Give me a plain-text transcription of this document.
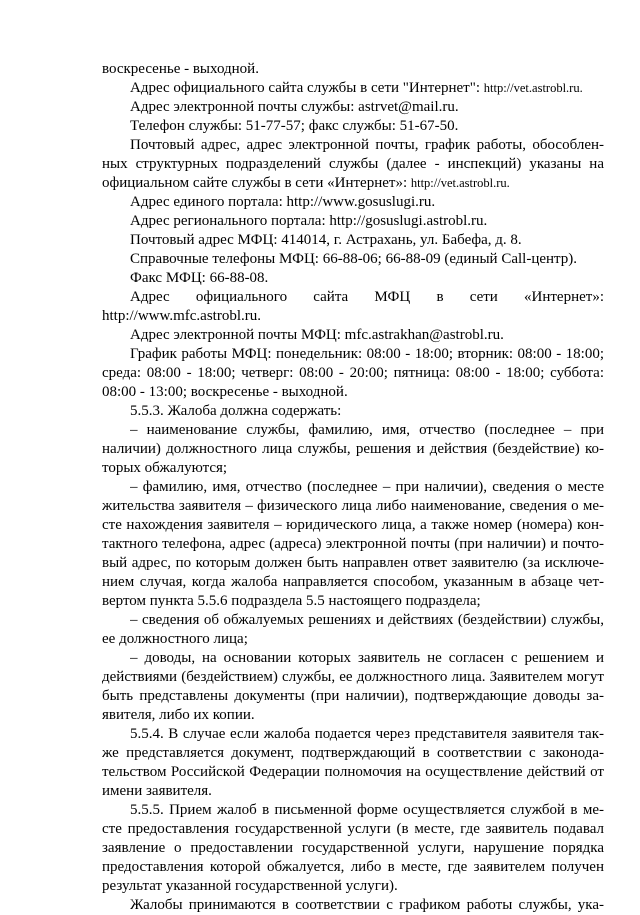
воскресенье - выходной.
Адрес официального сайта службы в сети "Интернет": http://vet.astrobl.ru.
Адрес электронной почты службы: astrvet@mail.ru.
Телефон службы: 51-77-57; факс службы: 51-67-50.
Почтовый адрес, адрес электронной почты, график работы, обособлен-
ных структурных подразделений службы (далее - инспекций) указаны на
официальном сайте службы в сети «Интернет»: http://vet.astrobl.ru.
Адрес единого портала: http://www.gosuslugi.ru.
Адрес регионального портала: http://gosuslugi.astrobl.ru.
Почтовый адрес МФЦ: 414014, г. Астрахань, ул. Бабефа, д. 8.
Справочные телефоны МФЦ: 66-88-06; 66-88-09 (единый Call-центр).
Факс МФЦ: 66-88-08.
Адрес официального сайта МФЦ в сети «Интернет»:
http://www.mfc.astrobl.ru.
Адрес электронной почты МФЦ: mfc.astrakhan@astrobl.ru.
График работы МФЦ: понедельник: 08:00 - 18:00; вторник: 08:00 - 18:00;
среда: 08:00 - 18:00; четверг: 08:00 - 20:00; пятница: 08:00 - 18:00; суббота:
08:00 - 13:00; воскресенье - выходной.
5.5.3. Жалоба должна содержать:
– наименование службы, фамилию, имя, отчество (последнее – при
наличии) должностного лица службы, решения и действия (бездействие) ко-
торых обжалуются;
– фамилию, имя, отчество (последнее – при наличии), сведения о месте
жительства заявителя – физического лица либо наименование, сведения о ме-
сте нахождения заявителя – юридического лица, а также номер (номера) кон-
тактного телефона, адрес (адреса) электронной почты (при наличии) и почто-
вый адрес, по которым должен быть направлен ответ заявителю (за исключе-
нием случая, когда жалоба направляется способом, указанным в абзаце чет-
вертом пункта 5.5.6 подраздела 5.5 настоящего подраздела;
– сведения об обжалуемых решениях и действиях (бездействии) службы,
ее должностного лица;
– доводы, на основании которых заявитель не согласен с решением и
действиями (бездействием) службы, ее должностного лица. Заявителем могут
быть представлены документы (при наличии), подтверждающие доводы за-
явителя, либо их копии.
5.5.4. В случае если жалоба подается через представителя заявителя так-
же представляется документ, подтверждающий в соответствии с законода-
тельством Российской Федерации полномочия на осуществление действий от
имени заявителя.
5.5.5. Прием жалоб в письменной форме осуществляется службой в ме-
сте предоставления государственной услуги (в месте, где заявитель подавал
заявление о предоставлении государственной услуги, нарушение порядка
предоставления которой обжалуется, либо в месте, где заявителем получен
результат указанной государственной услуги).
Жалобы принимаются в соответствии с графиком работы службы, ука-
